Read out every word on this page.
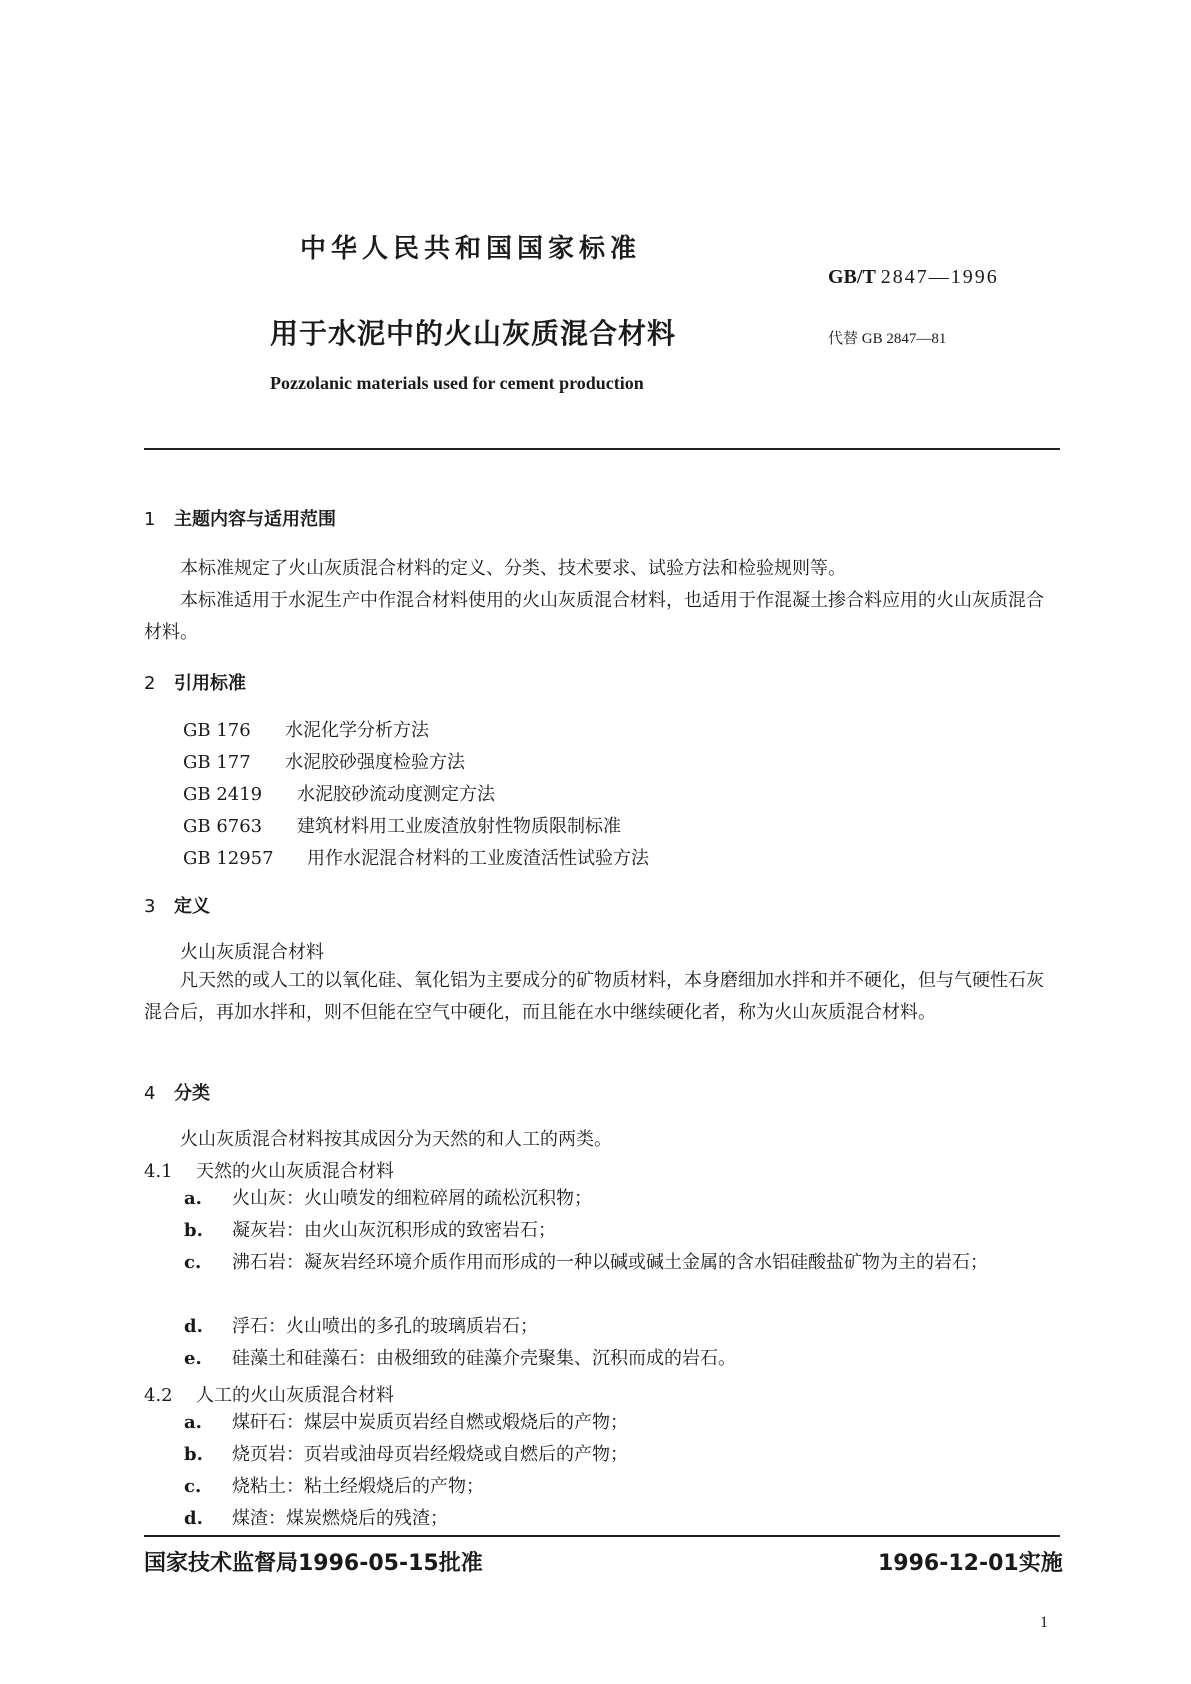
中华人民共和国国家标准
GB/T 2847—1996
用于水泥中的火山灰质混合材料	代替 GB 2847—81
Pozzolanic materials used for cement production
1 主题内容与适用范围

本标准规定了火山灰质混合材料的定义、分类、技术要求、试验方法和检验规则等。

本标准适用于水泥生产中作混合材料使用的火山灰质混合材料，也适用于作混凝土掺合料应用的火山灰质混合材料。

2 引用标准
GB 176 水泥化学分析方法
GB 177 水泥胶砂强度检验方法
GB 2419 水泥胶砂流动度测定方法
GB 6763 建筑材料用工业废渣放射性物质限制标准
GB 12957 用作水泥混合材料的工业废渣活性试验方法
3 定义
火山灰质混合材料

凡天然的或人工的以氧化硅、氧化铝为主要成分的矿物质材料，本身磨细加水拌和并不硬化，但与气硬性石灰混合后，再加水拌和，则不但能在空气中硬化，而且能在水中继续硬化者，称为火山灰质混合材料。

4 分类
火山灰质混合材料按其成因分为天然的和人工的两类。
4.1 天然的火山灰质混合材料

a. 火山灰：火山喷发的细粒碎屑的疏松沉积物；

b. 凝灰岩：由火山灰沉积形成的致密岩石；

c. 沸石岩：凝灰岩经环境介质作用而形成的一种以碱或碱土金属的含水铝硅酸盐矿物为主的岩石；

d. 浮石：火山喷出的多孔的玻璃质岩石；

e. 硅藻土和硅藻石：由极细致的硅藻介壳聚集、沉积而成的岩石。

4.2 人工的火山灰质混合材料

a. 煤矸石：煤层中炭质页岩经自燃或煅烧后的产物；

b. 烧页岩：页岩或油母页岩经煅烧或自燃后的产物；

c. 烧粘土：粘土经煅烧后的产物；

d. 煤渣：煤炭燃烧后的残渣；

国家技术监督局1996-05-15批准	1996-12-01实施
1
